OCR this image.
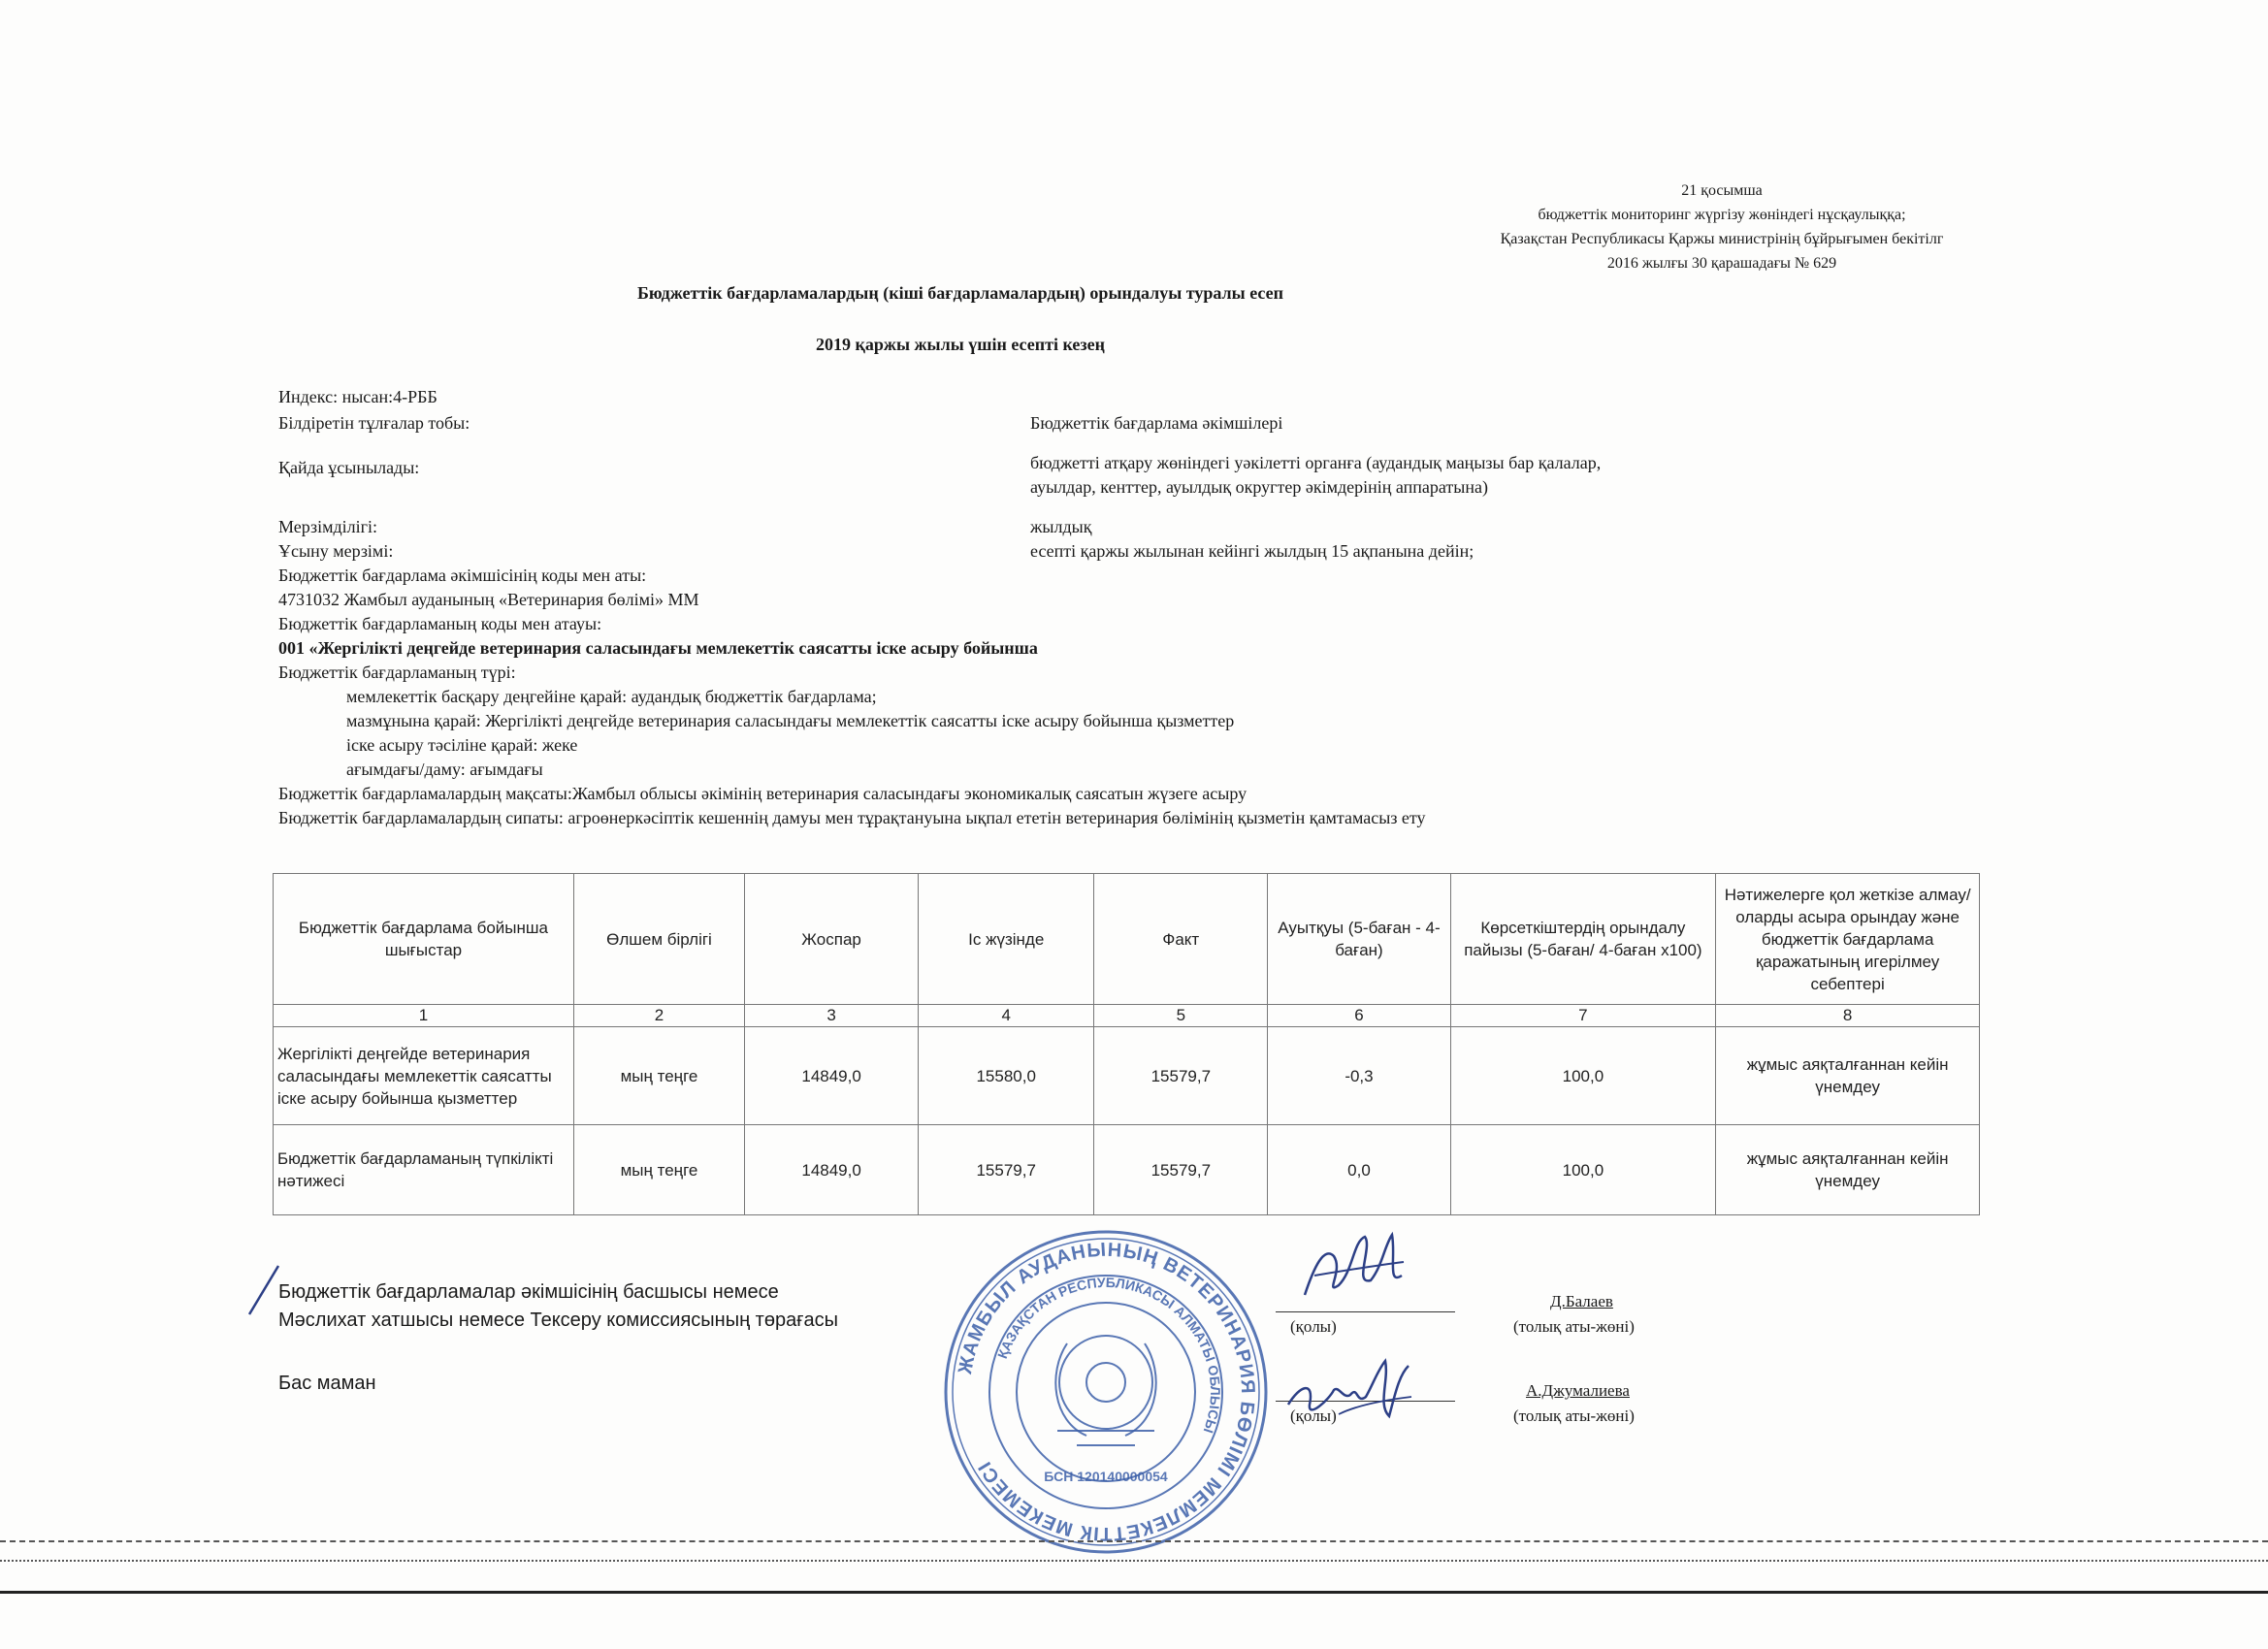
21 қосымша
бюджеттік мониторинг жүргізу жөніндегі нұсқаулыққа;
Қазақстан Республикасы Қаржы министрінің бұйрығымен бекітілг
2016 жылғы 30 қарашадағы № 629
Бюджеттік бағдарламалардың (кіші бағдарламалардың) орындалуы туралы есеп
2019 қаржы жылы үшін есепті кезең
Индекс: нысан:4-РББ
Білдіретін тұлғалар тобы:	Бюджеттік бағдарлама әкімшілері
Қайда ұсынылады:	бюджетті атқару жөніндегі уәкілетті органға (аудандық маңызы бар қалалар,
ауылдар, кенттер, ауылдық округтер әкімдерінің аппаратына)
Мерзімділігі:	жылдық
Ұсыну мерзімі:	есепті қаржы жылынан кейінгі жылдың 15 ақпанына дейін;
Бюджеттік бағдарлама әкімшісінің коды мен аты:
4731032 Жамбыл ауданының «Ветеринария бөлімі» ММ
Бюджеттік бағдарламаның коды мен атауы:
001 «Жергілікті деңгейде ветеринария саласындағы мемлекеттік саясатты іске асыру бойынша
Бюджеттік бағдарламаның түрі:
мемлекеттік басқару деңгейіне қарай: аудандық бюджеттік бағдарлама;
мазмұнына қарай: Жергілікті деңгейде ветеринария саласындағы мемлекеттік саясатты іске асыру бойынша қызметтер
іске асыру тәсіліне қарай: жеке
ағымдағы/даму: ағымдағы
Бюджеттік бағдарламалардың мақсаты:Жамбыл облысы әкімінің ветеринария саласындағы экономикалық саясатын жүзеге асыру
Бюджеттік бағдарламалардың сипаты: агроөнеркәсіптік кешеннің дамуы мен тұрақтануына ықпал ететін ветеринария бөлімінің қызметін қамтамасыз ету
Бюджеттік бағдарлама бойынша шығыстар	Өлшем бірлігі	Жоспар	Іс жүзінде	Факт	Ауытқуы (5-баған - 4-баған)	Көрсеткіштердің орындалу пайызы (5-баған/ 4-баған х100)	Нәтижелерге қол жеткізе алмау/оларды асыра орындау және бюджеттік бағдарлама қаражатының игерілмеу себептері
1	2	3	4	5	6	7	8
Жергілікті деңгейде ветеринария саласындағы мемлекеттік саясатты іске асыру бойынша қызметтер	мың теңге	14849,0	15580,0	15579,7	-0,3	100,0	жұмыс аяқталғаннан кейін үнемдеу
Бюджеттік бағдарламаның түпкілікті нәтижесі	мың теңге	14849,0	15579,7	15579,7	0,0	100,0	жұмыс аяқталғаннан кейін үнемдеу
Бюджеттік бағдарламалар әкімшісінің басшысы немесе
Мәслихат хатшысы немесе Тексеру комиссиясының төрағасы
Бас маман
(қолы)
Д.Балаев
(толық аты-жөні)
(қолы)
А.Джумалиева
(толық аты-жөні)
ЖАМБЫЛ АУДАНЫНЫҢ ВЕТЕРИНАРИЯ БӨЛІМІ МЕМЛЕКЕТТІК МЕКЕМЕСІ
ҚАЗАҚСТАН РЕСПУБЛИКАСЫ АЛМАТЫ ОБЛЫСЫ
БСН 120140000054
